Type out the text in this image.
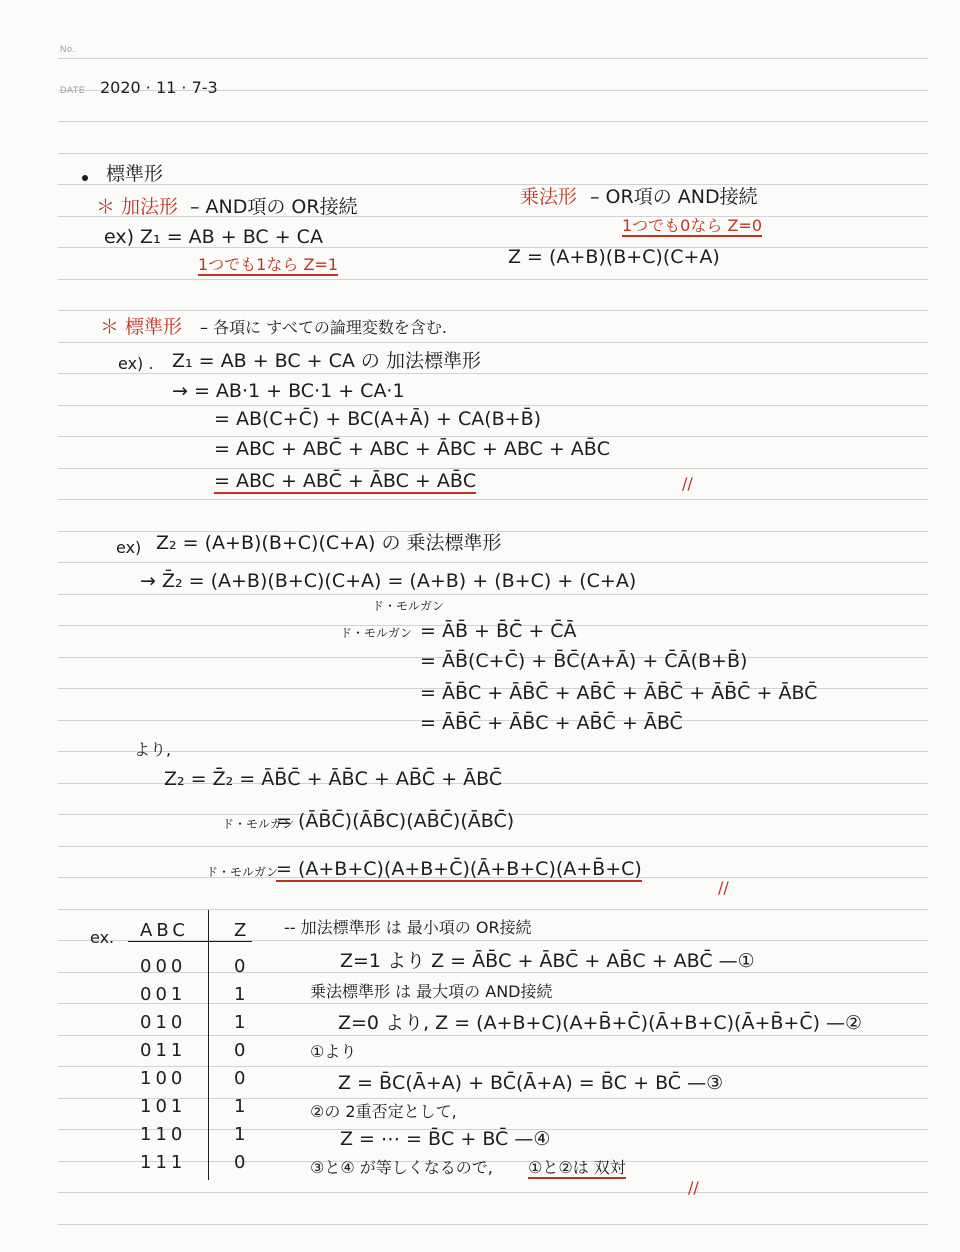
No.
DATE 2020 · 11 · 7-3
標準形
＊ 加法形 – AND項の OR接続	乗法形 – OR項の AND接続
ex) Z₁ = AB + BC + CA
1つでも1なら Z=1
1つでも0なら Z=0
Z = (A+B)(B+C)(C+A)
＊ 標準形 – 各項に すべての論理変数を含む.
ex) . Z₁ = AB + BC + CA の 加法標準形
→ = AB·1 + BC·1 + CA·1
= AB(C+C̄) + BC(A+Ā) + CA(B+B̄)
= ABC + ABC̄ + ABC + ĀBC + ABC + AB̄C
= ABC + ABC̄ + ĀBC + AB̄C	//
ex) Z₂ = (A+B)(B+C)(C+A) の 乗法標準形
→ Z̄₂ = (A+B)(B+C)(C+A) = (A+B) + (B+C) + (C+A)
ド・モルガン
ド・モルガン = ĀB̄ + B̄C̄ + C̄Ā
= ĀB̄(C+C̄) + B̄C̄(A+Ā) + C̄Ā(B+B̄)
= ĀB̄C + ĀB̄C̄ + AB̄C̄ + ĀB̄C̄ + ĀB̄C̄ + ĀBC̄
= ĀB̄C̄ + ĀB̄C + AB̄C̄ + ĀBC̄
より,
Z₂ = Z̄̄₂ = ĀB̄C̄ + ĀB̄C + AB̄C̄ + ĀBC̄
ド・モルガン
= (ĀB̄C̄)(ĀB̄C)(AB̄C̄)(ĀBC̄)
ド・モルガン
= (A+B+C)(A+B+C̄)(Ā+B+C)(A+B̄+C)
//
ex. ABC	Z
000	0
001	1
010	1
011	0
100	0
101	1
110	1
111	0
-- 加法標準形 は 最小項の OR接続
Z=1 より Z = ĀB̄C + ĀBC̄ + AB̄C + ABC̄ —①
乗法標準形 は 最大項の AND接続
Z=0 より, Z = (A+B+C)(A+B̄+C̄)(Ā+B+C)(Ā+B̄+C̄) —②
①より
Z = B̄C(Ā+A) + BC̄(Ā+A) = B̄C + BC̄ —③
②の 2重否定として,
Z = ⋯ = B̄C + BC̄ —④
③と④ が等しくなるので, ①と②は 双対
//
